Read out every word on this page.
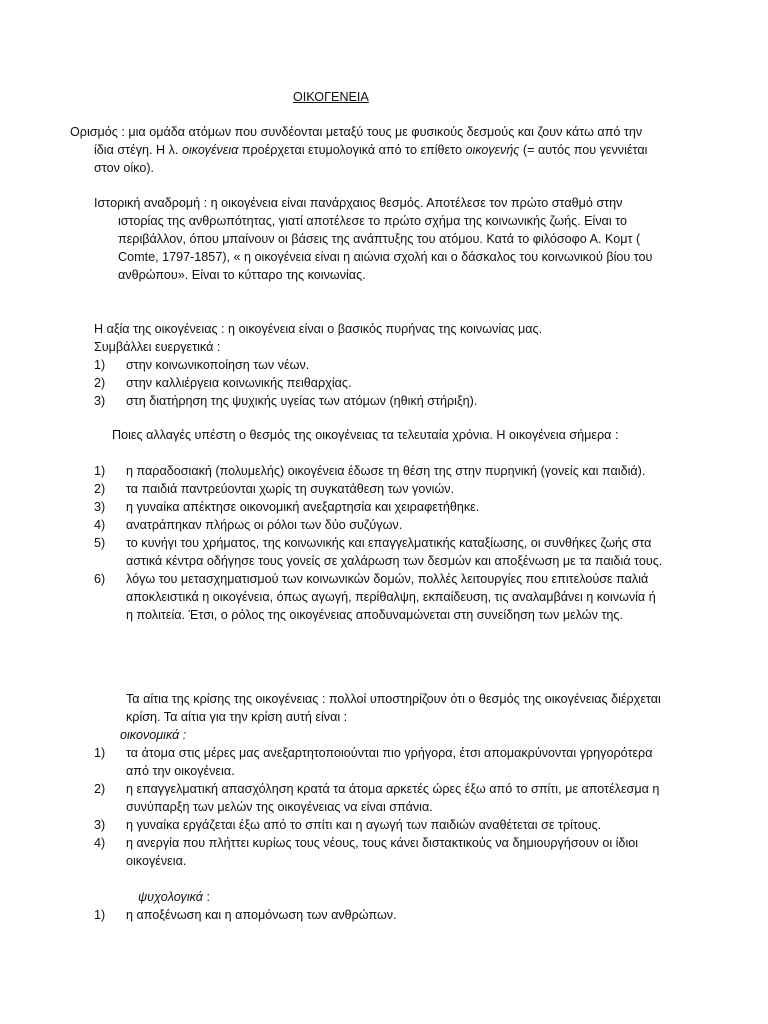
ΟΙΚΟΓΕΝΕΙΑ
Ορισμός : μια ομάδα ατόμων που συνδέονται μεταξύ τους με φυσικούς δεσμούς και ζουν κάτω από την ίδια στέγη. Η λ. οικογένεια προέρχεται ετυμολογικά από το επίθετο οικογενής (= αυτός που γεννιέται στον οίκο).
Ιστορική αναδρομή : η οικογένεια είναι πανάρχαιος θεσμός. Αποτέλεσε τον πρώτο σταθμό στην ιστορίας της ανθρωπότητας, γιατί αποτέλεσε το πρώτο σχήμα της κοινωνικής ζωής. Είναι το περιβάλλον, όπου μπαίνουν οι βάσεις της ανάπτυξης του ατόμου. Κατά το φιλόσοφο Α. Κομτ ( Comte, 1797-1857), « η οικογένεια είναι η αιώνια σχολή και ο δάσκαλος του κοινωνικού βίου του ανθρώπου». Είναι το κύτταρο της κοινωνίας.
Η αξία της οικογένειας : η οικογένεια είναι ο βασικός πυρήνας της κοινωνίας μας.
Συμβάλλει ευεργετικά :
1)	στην κοινωνικοποίηση των νέων.
2)	στην καλλιέργεια κοινωνικής πειθαρχίας.
3)	στη διατήρηση της ψυχικής υγείας των ατόμων (ηθική στήριξη).
Ποιες αλλαγές υπέστη ο θεσμός της οικογένειας τα τελευταία χρόνια. Η οικογένεια σήμερα :
1)	η παραδοσιακή (πολυμελής) οικογένεια έδωσε τη θέση της στην πυρηνική (γονείς και παιδιά).
2)	τα παιδιά παντρεύονται χωρίς τη συγκατάθεση των γονιών.
3)	η γυναίκα απέκτησε οικονομική ανεξαρτησία και χειραφετήθηκε.
4)	ανατράπηκαν πλήρως οι ρόλοι των δύο συζύγων.
5)	το κυνήγι του χρήματος, της κοινωνικής και επαγγελματικής καταξίωσης, οι συνθήκες ζωής στα αστικά κέντρα οδήγησε τους γονείς σε χαλάρωση των δεσμών και αποξένωση με τα παιδιά τους.
6)	λόγω του μετασχηματισμού των κοινωνικών δομών, πολλές λειτουργίες που επιτελούσε παλιά αποκλειστικά η οικογένεια, όπως αγωγή, περίθαλψη, εκπαίδευση, τις αναλαμβάνει η κοινωνία ή η πολιτεία. Έτσι, ο ρόλος της οικογένειας αποδυναμώνεται στη συνείδηση των μελών της.
Τα αίτια της κρίσης της οικογένειας : πολλοί υποστηρίζουν ότι ο θεσμός της οικογένειας διέρχεται κρίση. Τα αίτια για την κρίση αυτή είναι :
οικονομικά :
1)	τα άτομα στις μέρες μας ανεξαρτητοποιούνται πιο γρήγορα, έτσι απομακρύνονται γρηγορότερα από την οικογένεια.
2)	η επαγγελματική απασχόληση κρατά τα άτομα αρκετές ώρες έξω από το σπίτι, με αποτέλεσμα η συνύπαρξη των μελών της οικογένειας να είναι σπάνια.
3)	η γυναίκα εργάζεται έξω από το σπίτι και η αγωγή των παιδιών αναθέτεται σε τρίτους.
4)	η ανεργία που πλήττει κυρίως τους νέους, τους κάνει διστακτικούς να δημιουργήσουν οι ίδιοι οικογένεια.
ψυχολογικά :
1)	η αποξένωση και η απομόνωση των ανθρώπων.
